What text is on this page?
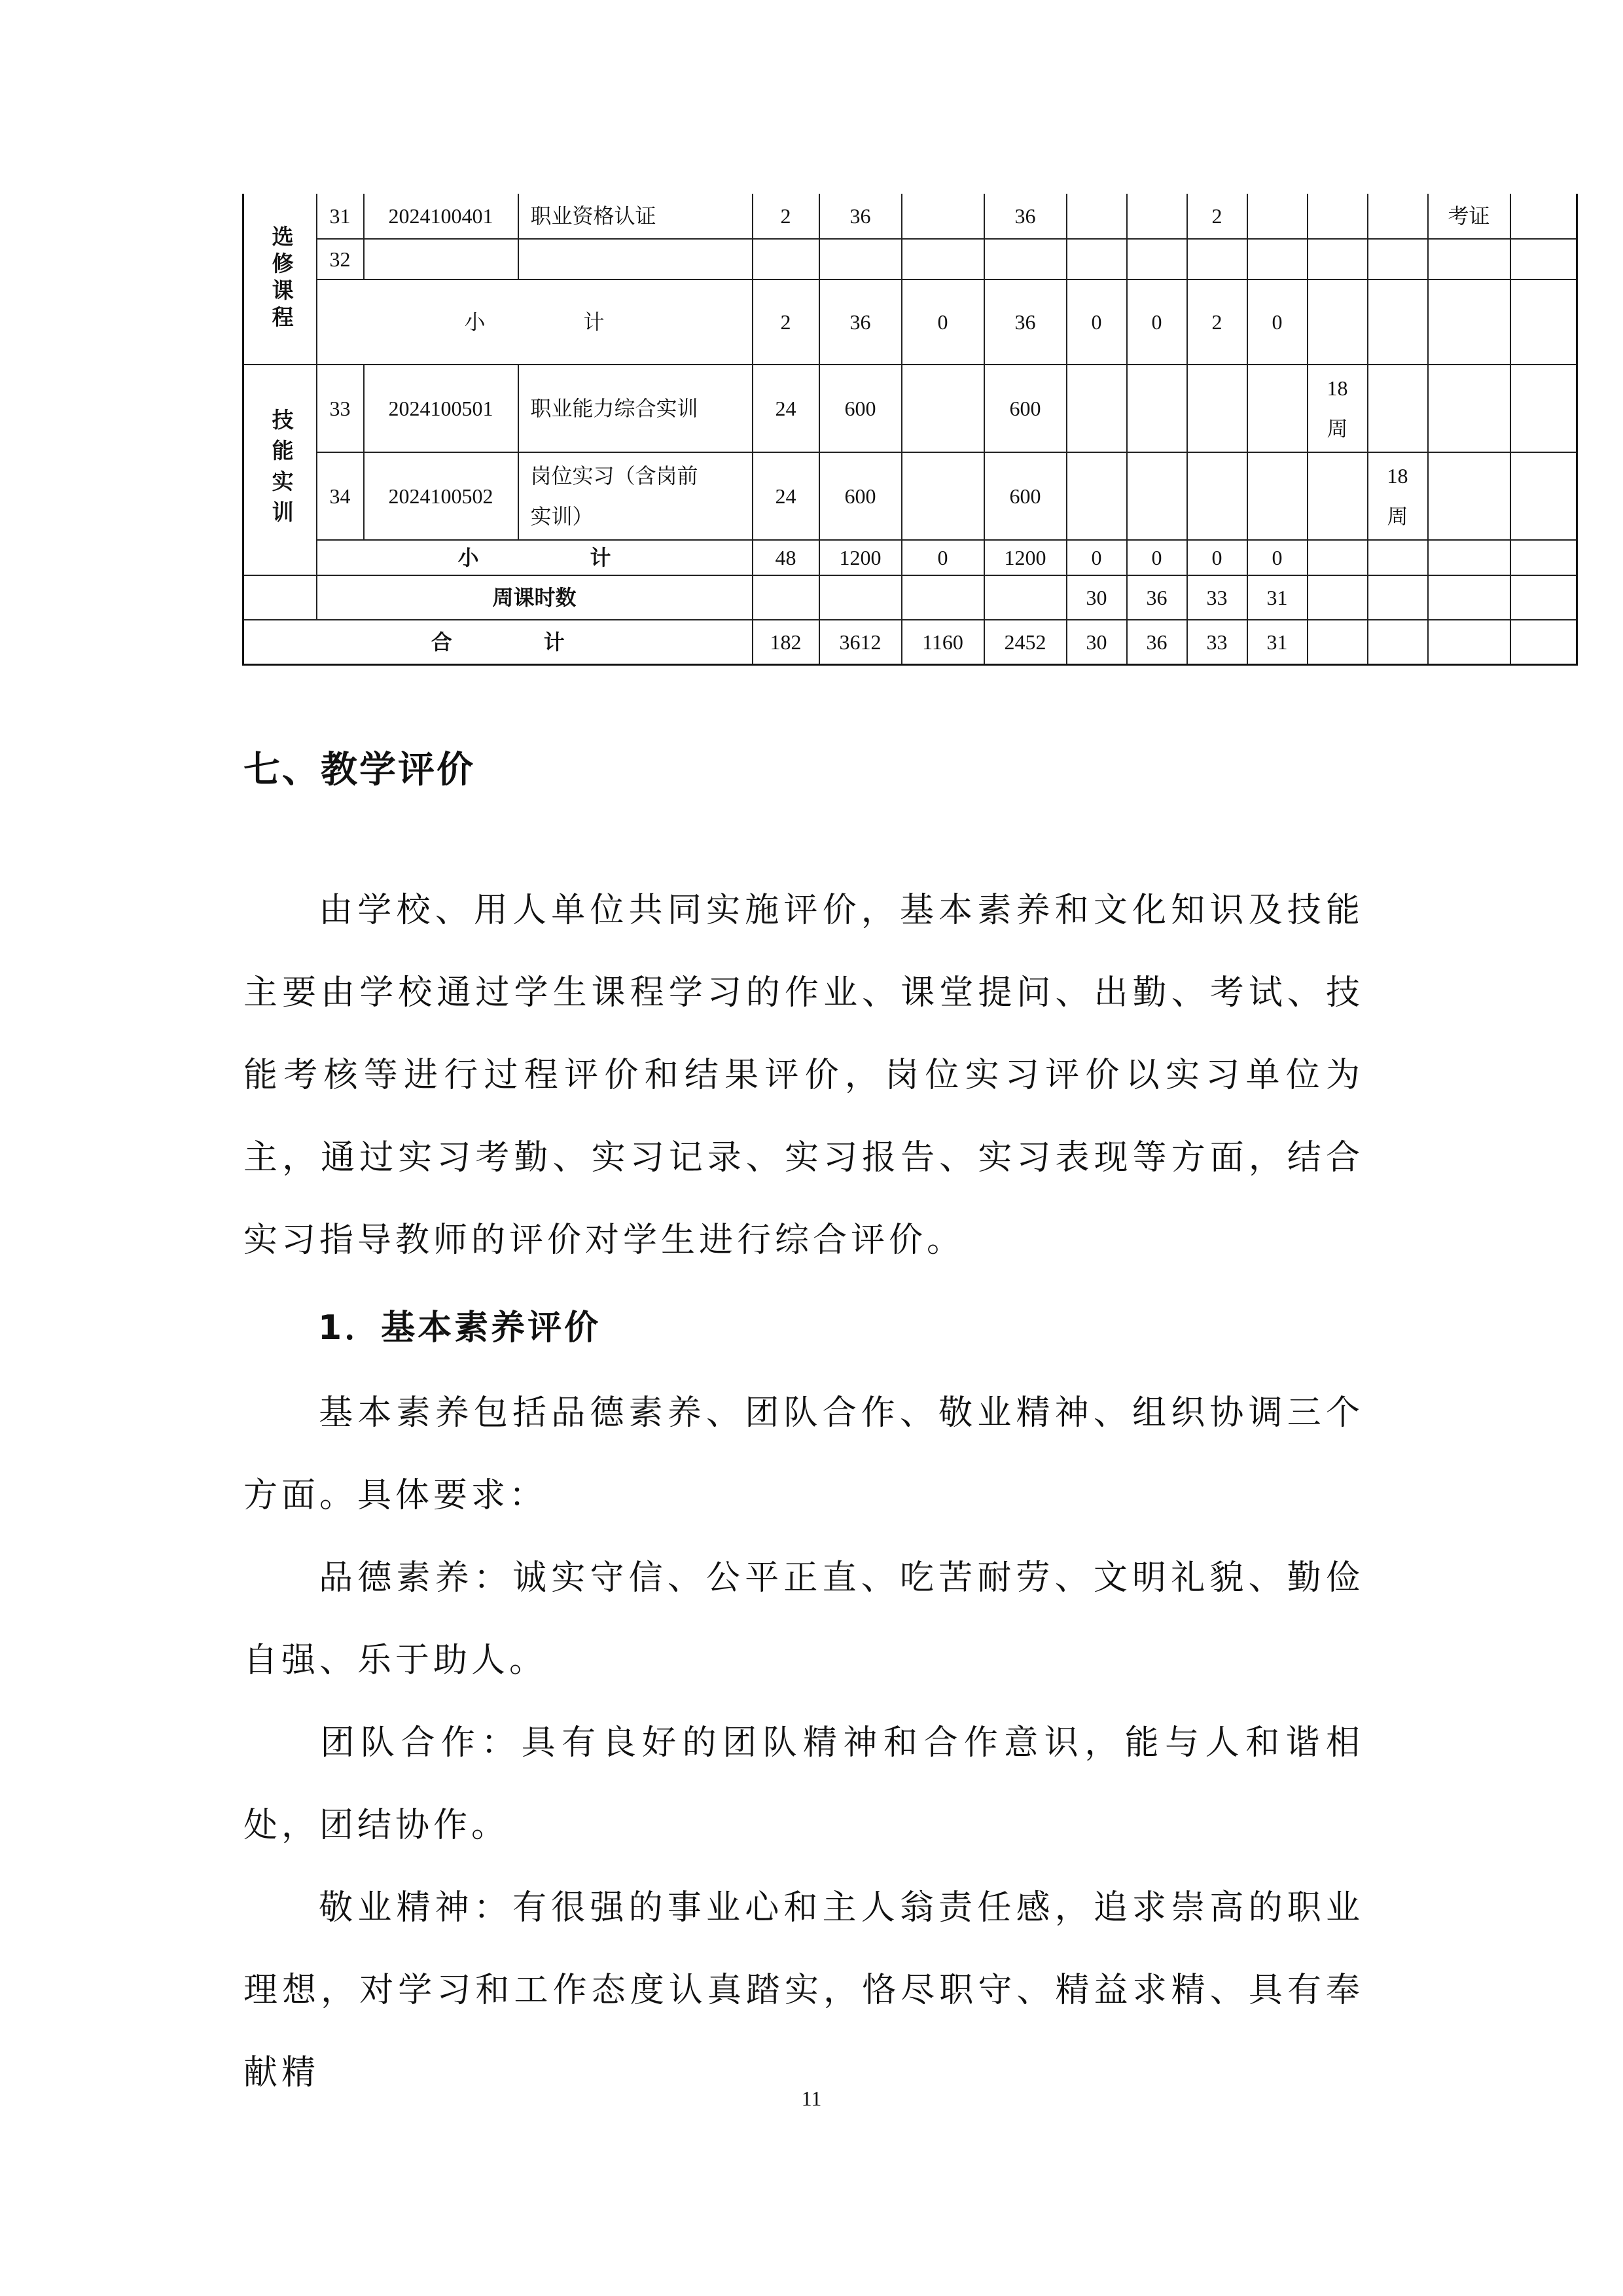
选修课程	31	2024100401	职业资格认证	2	36		36			2				考证	
	32														
	小 计			2	36	0	36	0	0	2	0				
技能实训	33	2024100501	职业能力综合实训	24	600		600					18周			
	34	2024100502	岗位实习（含岗前实训）	24	600		600						18周		
	小 计			48	1200	0	1200	0	0	0	0				
	周课时数							30	36	33	31				
合 计				182	3612	1160	2452	30	36	33	31				
七、教学评价

由学校、用人单位共同实施评价，基本素养和文化知识及技能主要由学校通过学生课程学习的作业、课堂提问、出勤、考试、技能考核等进行过程评价和结果评价，岗位实习评价以实习单位为主，通过实习考勤、实习记录、实习报告、实习表现等方面，结合实习指导教师的评价对学生进行综合评价。

1．基本素养评价

基本素养包括品德素养、团队合作、敬业精神、组织协调三个方面。具体要求：

品德素养：诚实守信、公平正直、吃苦耐劳、文明礼貌、勤俭自强、乐于助人。

团队合作：具有良好的团队精神和合作意识，能与人和谐相处，团结协作。

敬业精神：有很强的事业心和主人翁责任感，追求崇高的职业理想，对学习和工作态度认真踏实，恪尽职守、精益求精、具有奉献精

11
